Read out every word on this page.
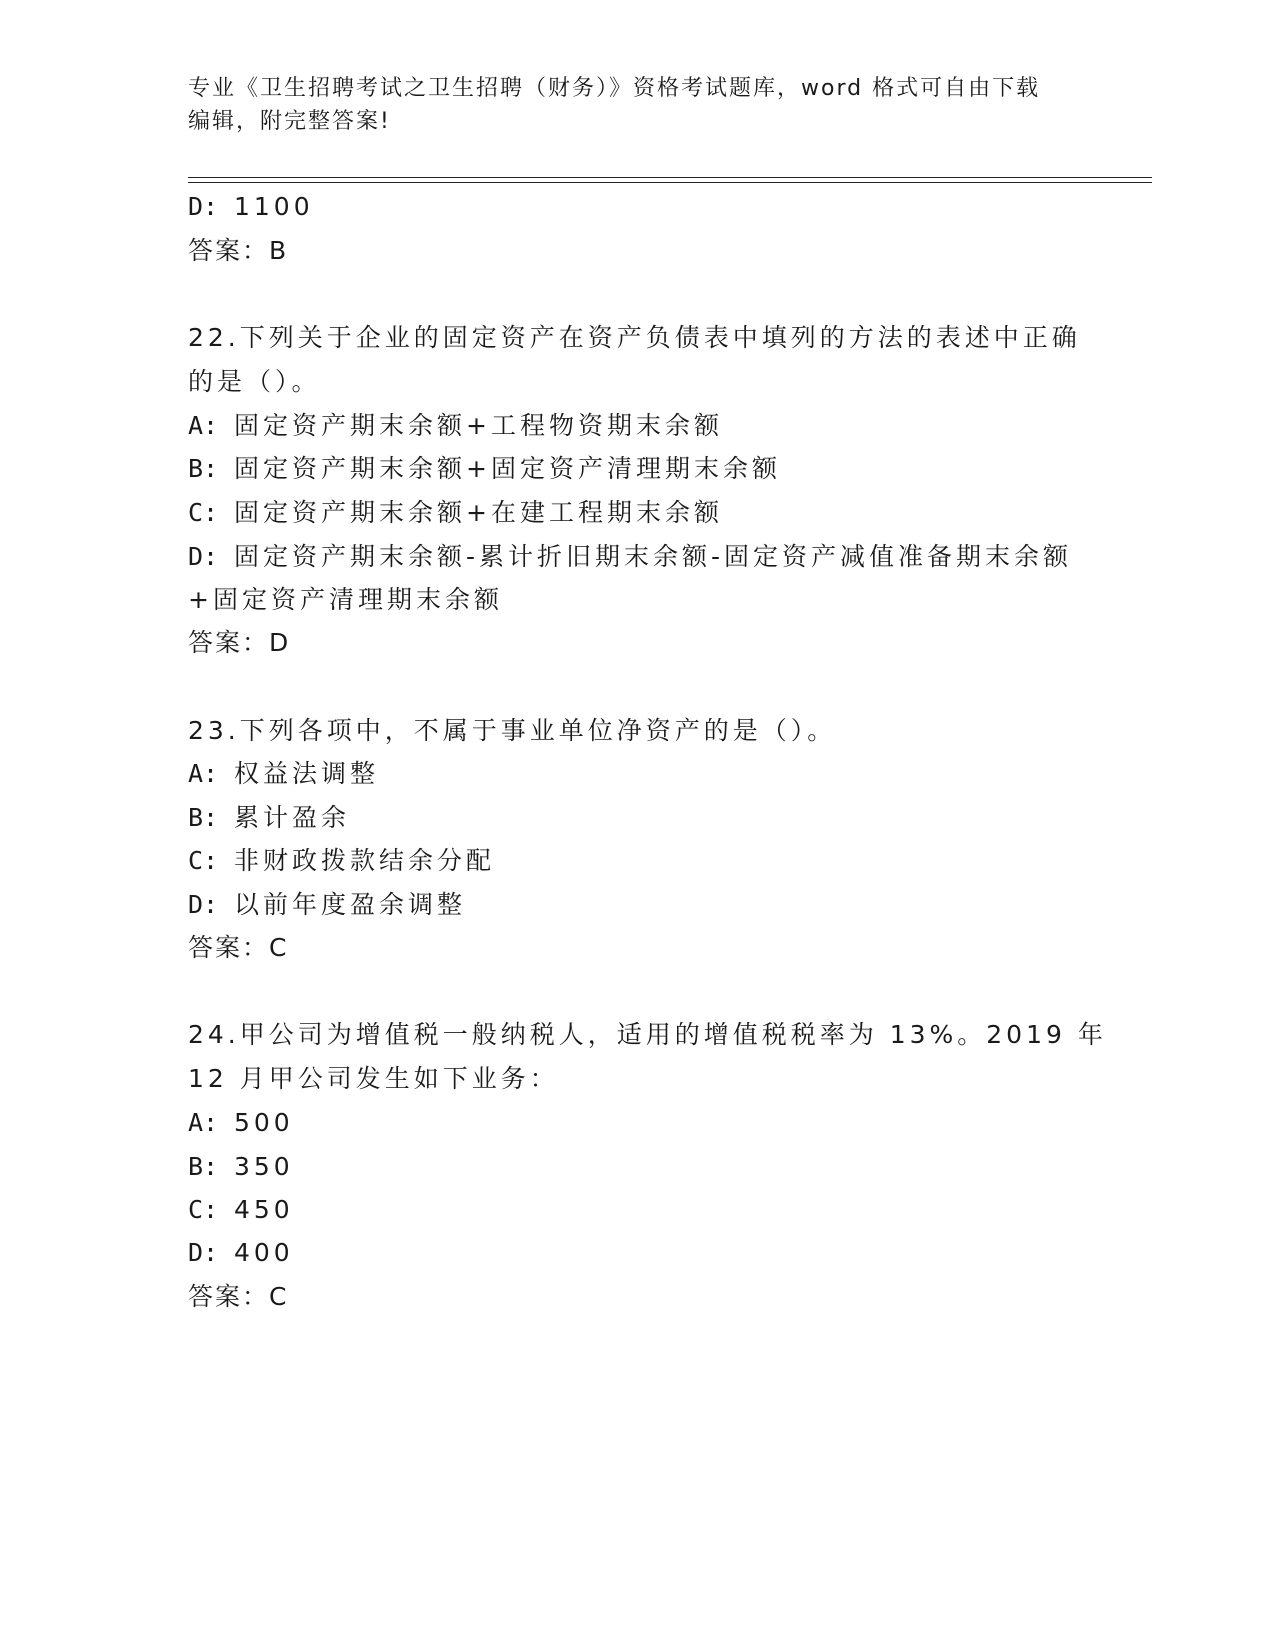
专业《卫生招聘考试之卫生招聘（财务）》资格考试题库，word 格式可自由下载
编辑，附完整答案!
D: 1100
答案：B
22.下列关于企业的固定资产在资产负债表中填列的方法的表述中正确
的是（）。
A: 固定资产期末余额+工程物资期末余额
B: 固定资产期末余额+固定资产清理期末余额
C: 固定资产期末余额+在建工程期末余额
D: 固定资产期末余额-累计折旧期末余额-固定资产减值准备期末余额
+固定资产清理期末余额
答案：D
23.下列各项中，不属于事业单位净资产的是（）。
A: 权益法调整
B: 累计盈余
C: 非财政拨款结余分配
D: 以前年度盈余调整
答案：C
24.甲公司为增值税一般纳税人，适用的增值税税率为 13%。2019 年
12 月甲公司发生如下业务：
A: 500
B: 350
C: 450
D: 400
答案：C
